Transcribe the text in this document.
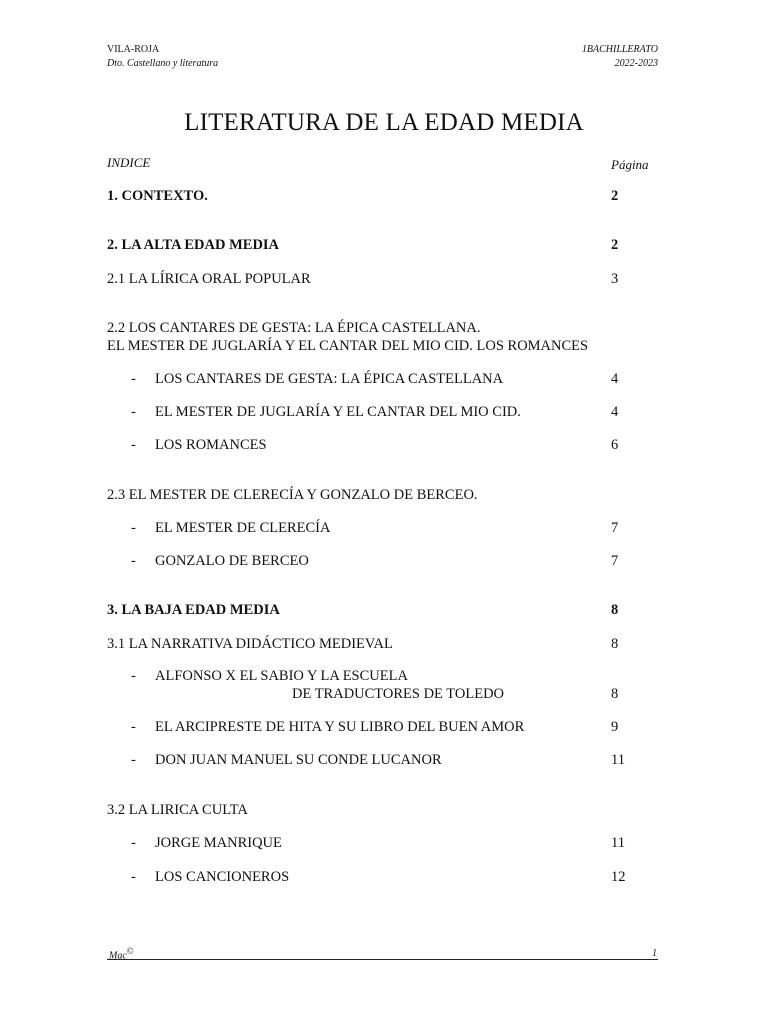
VILA-ROJA
Dto. Castellano y literatura
1BACHILLERATO
2022-2023
LITERATURA DE LA EDAD MEDIA
INDICE	Página
1. CONTEXTO.	2
2. LA ALTA EDAD MEDIA	2
2.1 LA LÍRICA ORAL POPULAR	3
2.2 LOS CANTARES DE GESTA: LA ÉPICA CASTELLANA.
EL MESTER DE JUGLARÍA Y EL CANTAR DEL MIO CID. LOS ROMANCES
- LOS CANTARES DE GESTA: LA ÉPICA CASTELLANA	4
- EL MESTER DE JUGLARÍA Y EL CANTAR DEL MIO CID.	4
- LOS ROMANCES	6
2.3 EL MESTER DE CLERECÍA Y GONZALO DE BERCEO.
- EL MESTER DE CLERECÍA	7
- GONZALO DE BERCEO	7
3. LA BAJA EDAD MEDIA	8
3.1 LA NARRATIVA DIDÁCTICO MEDIEVAL	8
- ALFONSO X EL SABIO Y LA ESCUELA
DE TRADUCTORES DE TOLEDO	8
- EL ARCIPRESTE DE HITA Y SU LIBRO DEL BUEN AMOR	9
- DON JUAN MANUEL SU CONDE LUCANOR	11
3.2 LA LIRICA CULTA
- JORGE MANRIQUE	11
- LOS CANCIONEROS	12
Mac©	1
